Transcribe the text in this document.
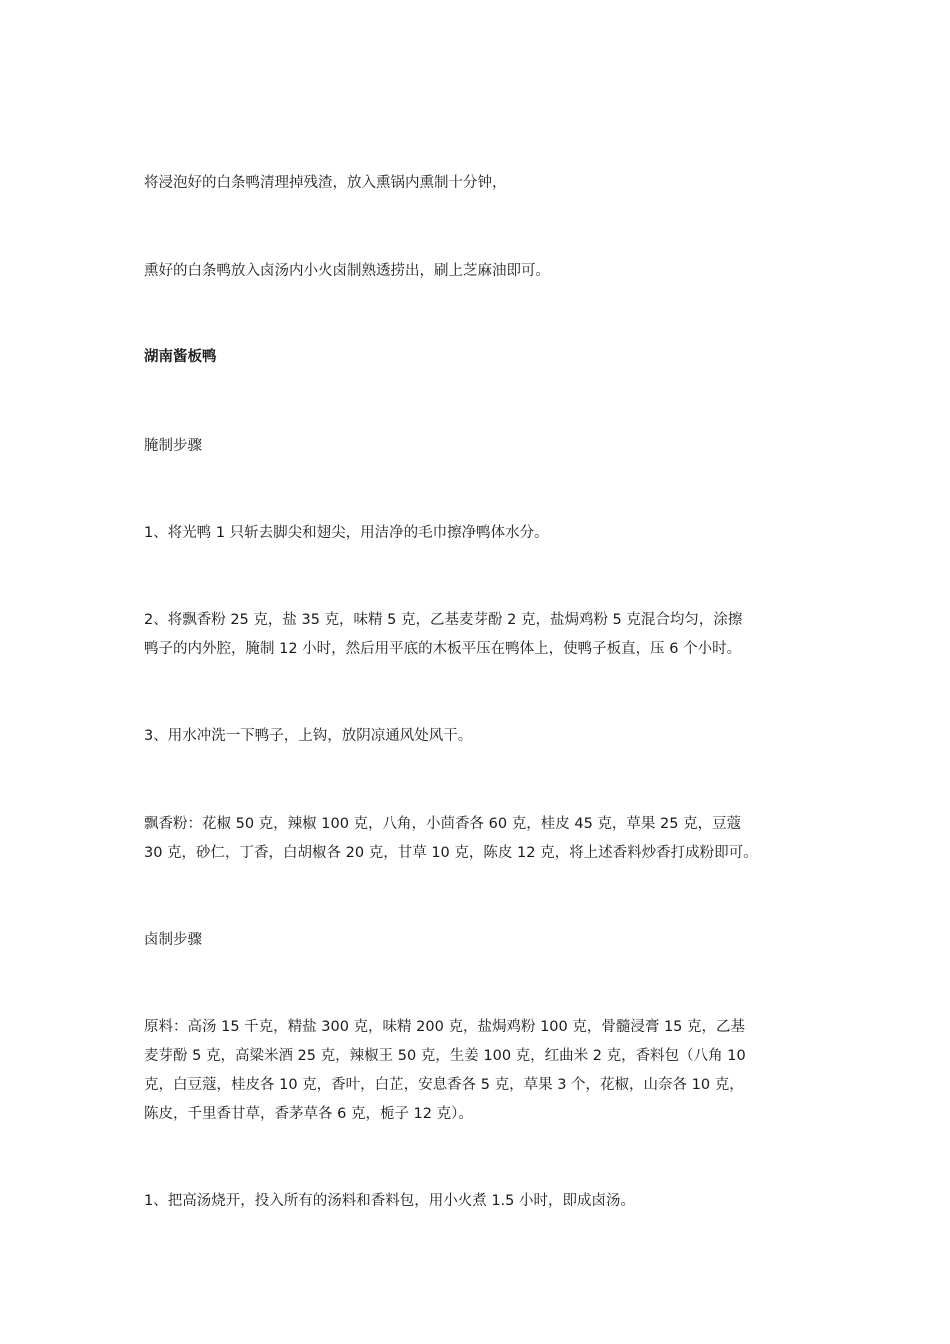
将浸泡好的白条鸭清理掉残渣，放入熏锅内熏制十分钟，

熏好的白条鸭放入卤汤内小火卤制熟透捞出，刷上芝麻油即可。

湖南酱板鸭

腌制步骤

1、将光鸭 1 只斩去脚尖和翅尖，用洁净的毛巾擦净鸭体水分。

2、将飘香粉 25 克，盐 35 克，味精 5 克，乙基麦芽酚 2 克，盐焗鸡粉 5 克混合均匀，涂擦
鸭子的内外腔，腌制 12 小时，然后用平底的木板平压在鸭体上，使鸭子板直，压 6 个小时。

3、用水冲洗一下鸭子，上钩，放阴凉通风处风干。

飘香粉：花椒 50 克，辣椒 100 克，八角，小茴香各 60 克，桂皮 45 克，草果 25 克，豆蔻
30 克，砂仁，丁香，白胡椒各 20 克，甘草 10 克，陈皮 12 克，将上述香料炒香打成粉即可。

卤制步骤

原料：高汤 15 千克，精盐 300 克，味精 200 克，盐焗鸡粉 100 克，骨髓浸膏 15 克，乙基
麦芽酚 5 克，高粱米酒 25 克，辣椒王 50 克，生姜 100 克，红曲米 2 克，香料包（八角 10
克，白豆蔻，桂皮各 10 克，香叶，白芷，安息香各 5 克，草果 3 个，花椒，山奈各 10 克，
陈皮，千里香甘草，香茅草各 6 克，栀子 12 克）。

1、把高汤烧开，投入所有的汤料和香料包，用小火煮 1.5 小时，即成卤汤。
